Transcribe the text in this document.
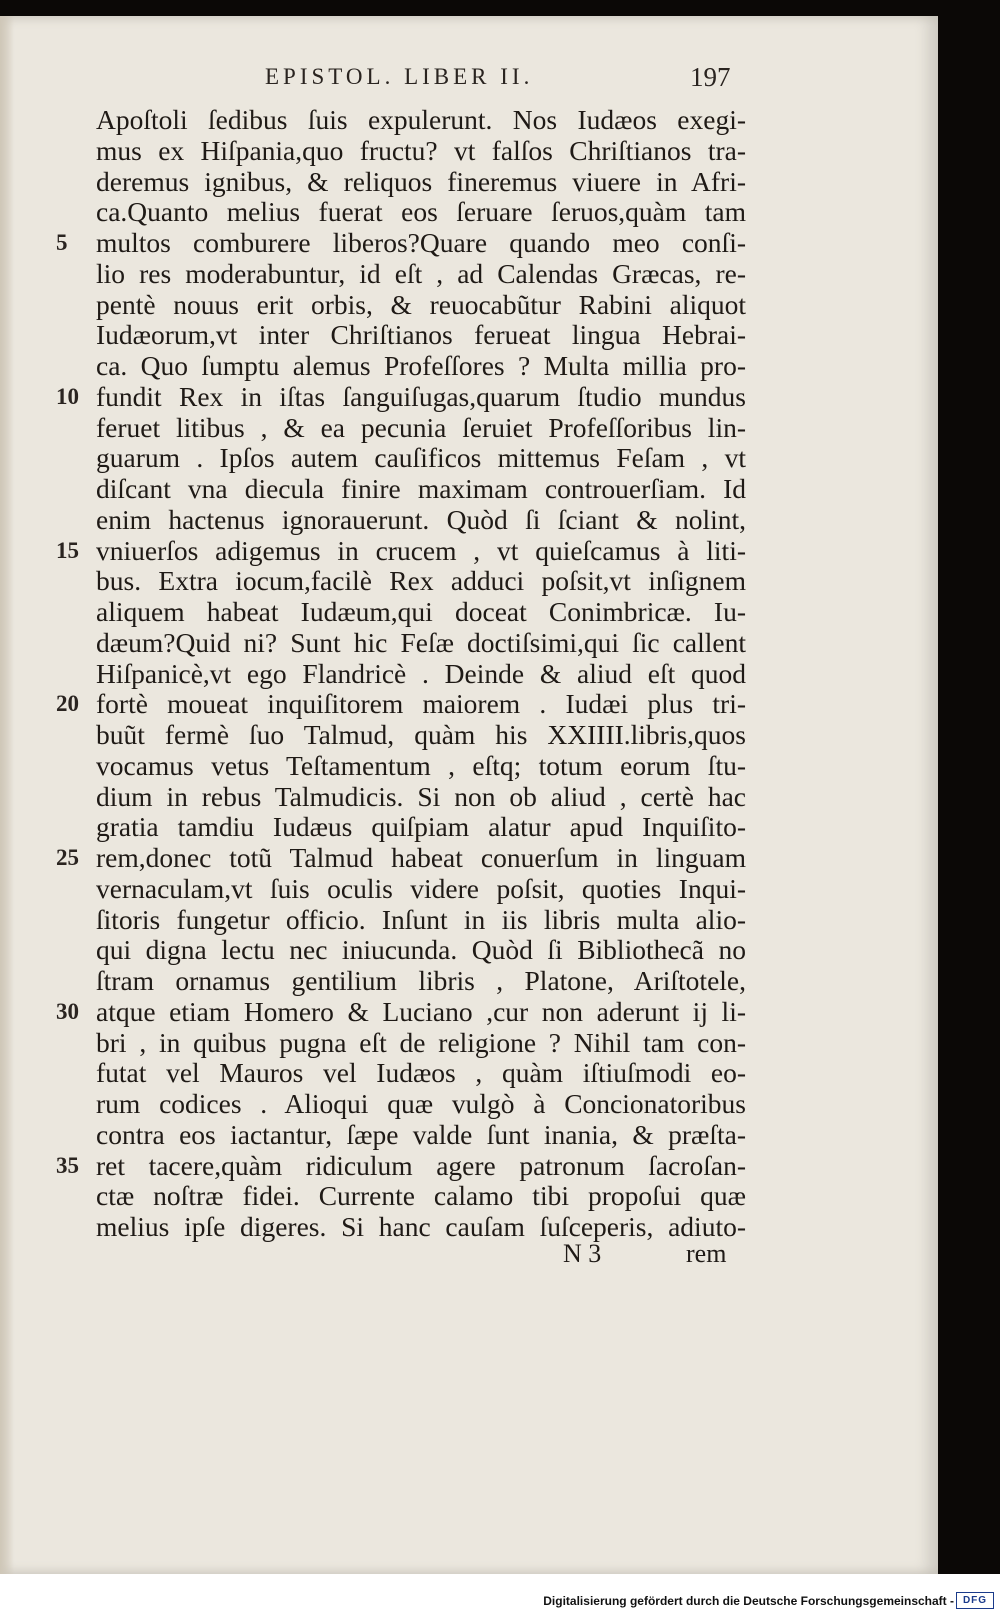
EPISTOL. LIBER II.	197
Apoſtoli ſedibus ſuis expulerunt. Nos Iudæos exegi-
mus ex Hiſpania,quo fructu? vt falſos Chriſtianos tra-
deremus ignibus, & reliquos fineremus viuere in Afri-
ca.Quanto melius fuerat eos ſeruare ſeruos,quàm tam
multos comburere liberos?Quare quando meo conſi-
5
lio res moderabuntur, id eſt , ad Calendas Græcas, re-
pentè nouus erit orbis, & reuocabũtur Rabini aliquot
Iudæorum,vt inter Chriſtianos ferueat lingua Hebrai-
ca. Quo ſumptu alemus Profeſſores ? Multa millia pro-
fundit Rex in iſtas ſanguiſugas,quarum ſtudio mundus
10
feruet litibus , & ea pecunia ſeruiet Profeſſoribus lin-
guarum . Ipſos autem cauſificos mittemus Feſam , vt
diſcant vna diecula finire maximam controuerſiam. Id
enim hactenus ignorauerunt. Quòd ſi ſciant & nolint,
vniuerſos adigemus in crucem , vt quieſcamus à liti-
15
bus. Extra iocum,facilè Rex adduci poſsit,vt inſignem
aliquem habeat Iudæum,qui doceat Conimbricæ. Iu-
dæum?Quid ni? Sunt hic Feſæ doctiſsimi,qui ſic callent
Hiſpanicè,vt ego Flandricè . Deinde & aliud eſt quod
fortè moueat inquiſitorem maiorem . Iudæi plus tri-
20
buũt fermè ſuo Talmud, quàm his XXIIII.libris,quos
vocamus vetus Teſtamentum , eſtq; totum eorum ſtu-
dium in rebus Talmudicis. Si non ob aliud , certè hac
gratia tamdiu Iudæus quiſpiam alatur apud Inquiſito-
rem,donec totũ Talmud habeat conuerſum in linguam
25
vernaculam,vt ſuis oculis videre poſsit, quoties Inqui-
ſitoris fungetur officio. Inſunt in iis libris multa alio-
qui digna lectu nec iniucunda. Quòd ſi Bibliothecã no
ſtram ornamus gentilium libris , Platone, Ariſtotele,
atque etiam Homero & Luciano ,cur non aderunt ij li-
30
bri , in quibus pugna eſt de religione ? Nihil tam con-
futat vel Mauros vel Iudæos , quàm iſtiuſmodi eo-
rum codices . Alioqui quæ vulgò à Concionatoribus
contra eos iactantur, ſæpe valde ſunt inania, & præſta-
ret tacere,quàm ridiculum agere patronum ſacroſan-
35
ctæ noſtræ fidei. Currente calamo tibi propoſui quæ
melius ipſe digeres. Si hanc cauſam ſuſceperis, adiuto-
N 3	rem
Digitalisierung gefördert durch die Deutsche Forschungsgemeinschaft - DFG
